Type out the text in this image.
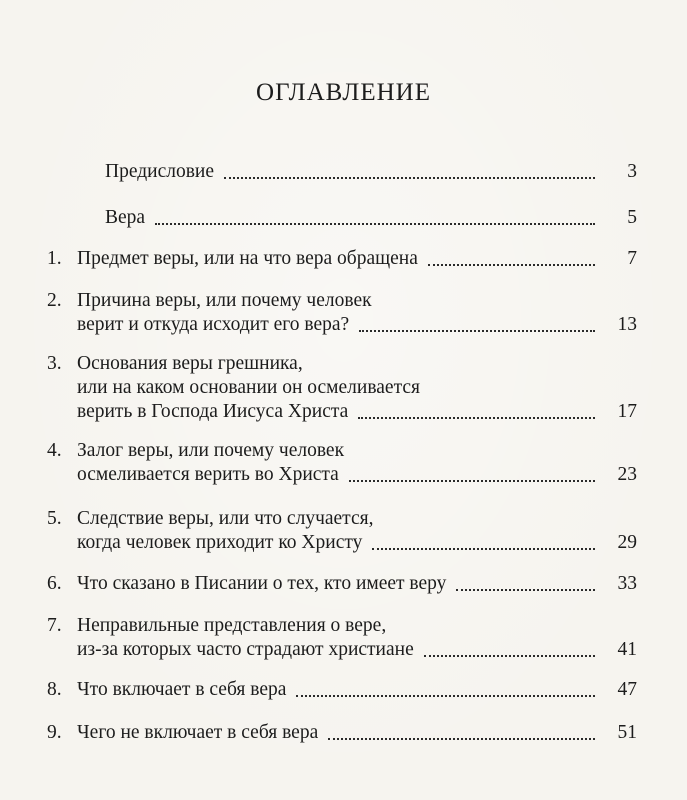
ОГЛАВЛЕНИЕ
Предисловие	3
Вера	5
1. Предмет веры, или на что вера обращена	7
2. Причина веры, или почему человек
верит и откуда исходит его вера?	13
3. Основания веры грешника,
или на каком основании он осмеливается
верить в Господа Иисуса Христа	17
4. Залог веры, или почему человек
осмеливается верить во Христа	23
5. Следствие веры, или что случается,
когда человек приходит ко Христу	29
6. Что сказано в Писании о тех, кто имеет веру	33
7. Неправильные представления о вере,
из-за которых часто страдают христиане	41
8. Что включает в себя вера	47
9. Чего не включает в себя вера	51
